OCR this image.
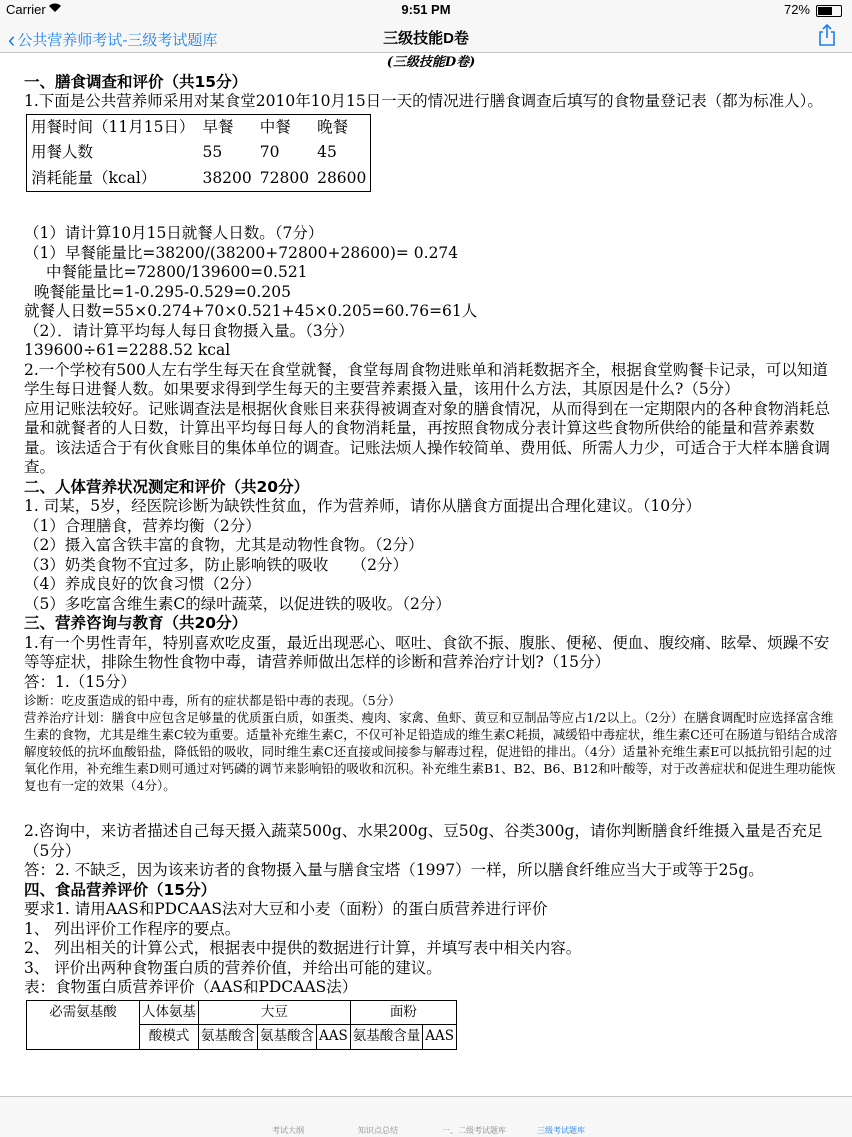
Carrier	9:51 PM	72%
‹ 公共营养师考试-三级考试题库	三级技能D卷

(三级技能D卷)

一、膳食调查和评价（共15分）

1.下面是公共营养师采用对某食堂2010年10月15日一天的情况进行膳食调查后填写的食物量登记表（都为标准人）。

用餐时间（11月15日）	早餐	中餐	晚餐
用餐人数	55	70	45
消耗能量（kcal）	38200	72800	28600

（1）请计算10月15日就餐人日数。（7分）

（1）早餐能量比=38200/(38200+72800+28600)= 0.274

中餐能量比=72800/139600=0.521

晚餐能量比=1-0.295-0.529=0.205

就餐人日数=55×0.274+70×0.521+45×0.205=60.76=61人

（2）．请计算平均每人每日食物摄入量。（3分）

139600÷61=2288.52 kcal

2.一个学校有500人左右学生每天在食堂就餐，食堂每周食物进账单和消耗数据齐全，根据食堂购餐卡记录，可以知道学生每日进餐人数。如果要求得到学生每天的主要营养素摄入量，该用什么方法，其原因是什么?（5分）

应用记账法较好。记账调查法是根据伙食账目来获得被调查对象的膳食情况，从而得到在一定期限内的各种食物消耗总量和就餐者的人日数，计算出平均每日每人的食物消耗量，再按照食物成分表计算这些食物所供给的能量和营养素数量。该法适合于有伙食账目的集体单位的调查。记账法烦人操作较简单、费用低、所需人力少，可适合于大样本膳食调查。

二、人体营养状况测定和评价（共20分）

1. 司某，5岁，经医院诊断为缺铁性贫血，作为营养师，请你从膳食方面提出合理化建议。（10分）

（1）合理膳食，营养均衡（2分）

（2）摄入富含铁丰富的食物，尤其是动物性食物。（2分）

（3）奶类食物不宜过多，防止影响铁的吸收　　（2分）

（4）养成良好的饮食习惯（2分）

（5）多吃富含维生素C的绿叶蔬菜，以促进铁的吸收。（2分）

三、营养咨询与教育（共20分）

1.有一个男性青年，特别喜欢吃皮蛋，最近出现恶心、呕吐、食欲不振、腹胀、便秘、便血、腹绞痛、眩晕、烦躁不安等等症状，排除生物性食物中毒，请营养师做出怎样的诊断和营养治疗计划?（15分）

答：1.（15分）

诊断：吃皮蛋造成的铅中毒，所有的症状都是铅中毒的表现。（5分）

营养治疗计划：膳食中应包含足够量的优质蛋白质，如蛋类、瘦肉、家禽、鱼虾、黄豆和豆制品等应占1/2以上。（2分）在膳食调配时应选择富含维生素的食物，尤其是维生素C较为重要。适量补充维生素C，不仅可补足铅造成的维生素C耗损，减缓铅中毒症状，维生素C还可在肠道与铅结合成溶解度较低的抗坏血酸铅盐，降低铅的吸收，同时维生素C还直接或间接参与解毒过程，促进铅的排出。（4分）适量补充维生素E可以抵抗铅引起的过氧化作用，补充维生素D则可通过对钙磷的调节来影响铅的吸收和沉积。补充维生素B1、B2、B6、B12和叶酸等，对于改善症状和促进生理功能恢复也有一定的效果（4分）。

2.咨询中，来访者描述自己每天摄入蔬菜500g、水果200g、豆50g、谷类300g，请你判断膳食纤维摄入量是否充足（5分）

答：2. 不缺乏，因为该来访者的食物摄入量与膳食宝塔（1997）一样，所以膳食纤维应当大于或等于25g。

四、食品营养评价（15分）

要求1. 请用AAS和PDCAAS法对大豆和小麦（面粉）的蛋白质营养进行评价

1、 列出评价工作程序的要点。

2、 列出相关的计算公式，根据表中提供的数据进行计算，并填写表中相关内容。

3、 评价出两种食物蛋白质的营养价值，并给出可能的建议。

表：食物蛋白质营养评价（AAS和PDCAAS法）

必需氨基酸	人体氨基	大豆			面粉	
	酸模式	氨基酸含	氨基酸含	AAS	氨基酸含量	AAS
考试大纲	知识点总结	一、二级考试题库	三级考试题库
